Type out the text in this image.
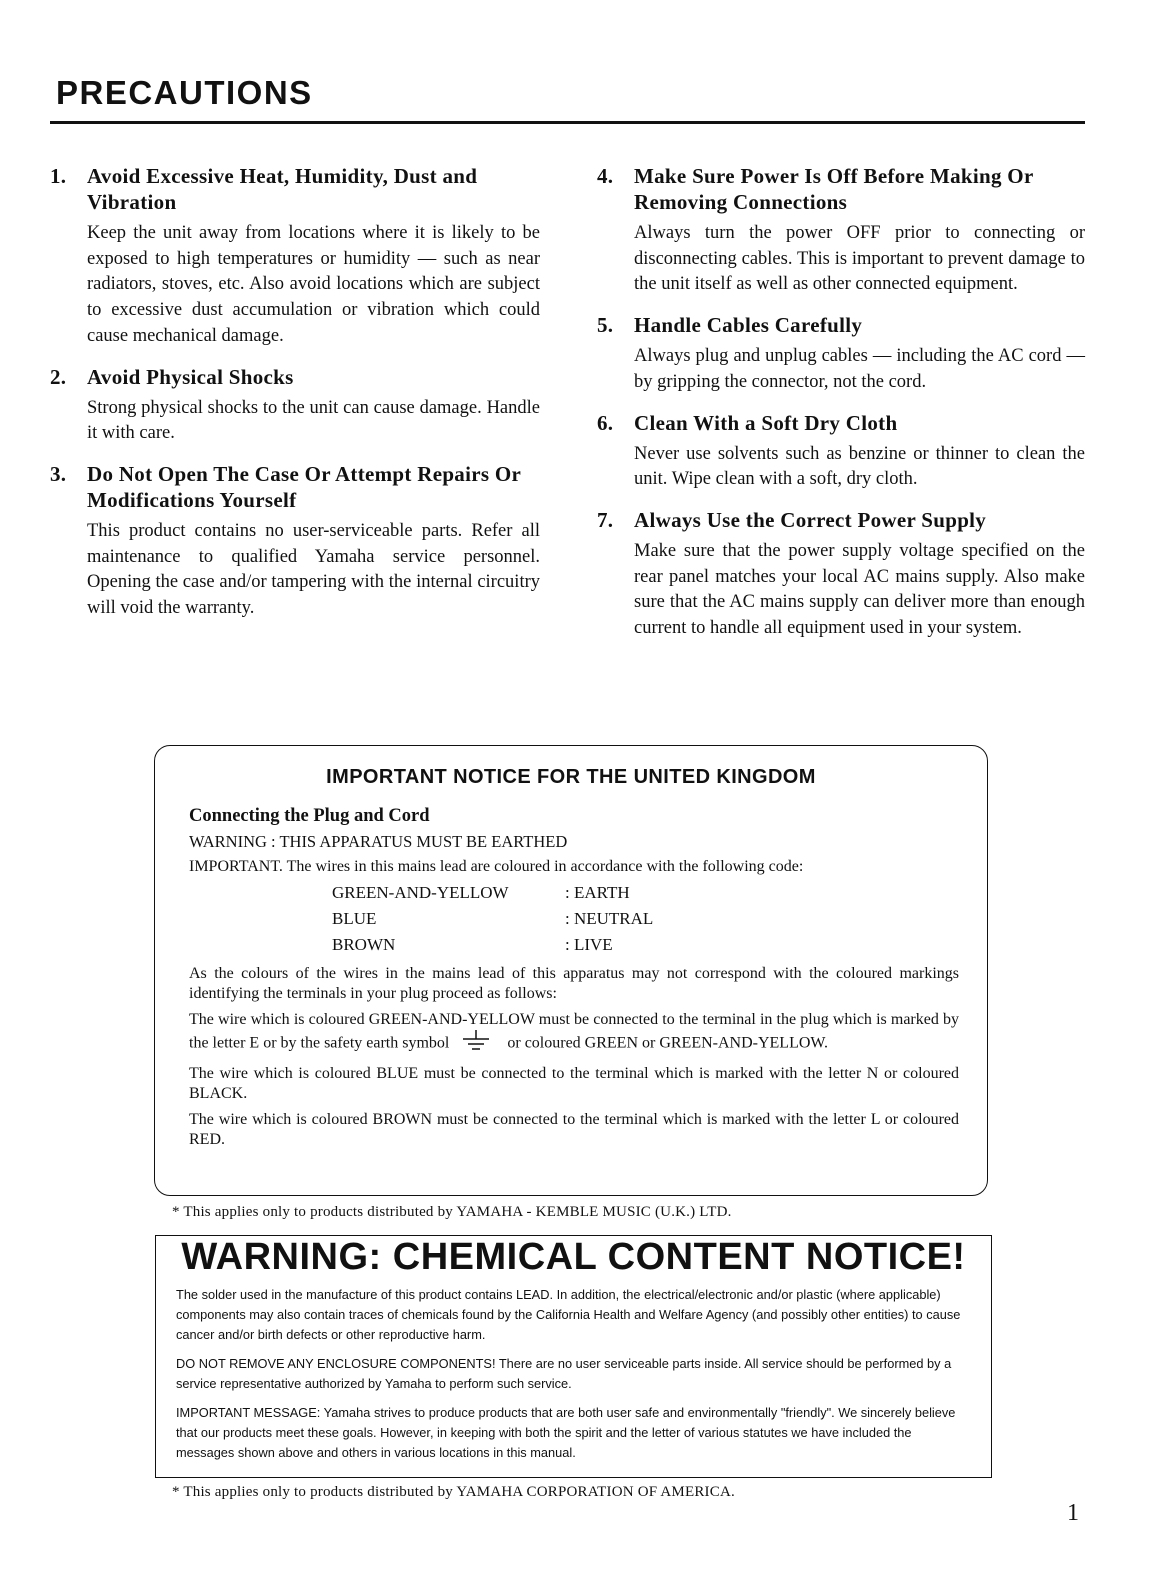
PRECAUTIONS
1. Avoid Excessive Heat, Humidity, Dust and Vibration
Keep the unit away from locations where it is likely to be exposed to high temperatures or humidity — such as near radiators, stoves, etc. Also avoid locations which are subject to excessive dust accumulation or vibration which could cause mechanical damage.
2. Avoid Physical Shocks
Strong physical shocks to the unit can cause damage. Handle it with care.
3. Do Not Open The Case Or Attempt Repairs Or Modifications Yourself
This product contains no user-serviceable parts. Refer all maintenance to qualified Yamaha service personnel. Opening the case and/or tampering with the internal circuitry will void the warranty.
4. Make Sure Power Is Off Before Making Or Removing Connections
Always turn the power OFF prior to connecting or disconnecting cables. This is important to prevent damage to the unit itself as well as other connected equipment.
5. Handle Cables Carefully
Always plug and unplug cables — including the AC cord — by gripping the connector, not the cord.
6. Clean With a Soft Dry Cloth
Never use solvents such as benzine or thinner to clean the unit. Wipe clean with a soft, dry cloth.
7. Always Use the Correct Power Supply
Make sure that the power supply voltage specified on the rear panel matches your local AC mains supply. Also make sure that the AC mains supply can deliver more than enough current to handle all equipment used in your system.
IMPORTANT NOTICE FOR THE UNITED KINGDOM
Connecting the Plug and Cord
WARNING : THIS APPARATUS MUST BE EARTHED
IMPORTANT. The wires in this mains lead are coloured in accordance with the following code:
GREEN-AND-YELLOW	: EARTH
BLUE	: NEUTRAL
BROWN	: LIVE
As the colours of the wires in the mains lead of this apparatus may not correspond with the coloured markings identifying the terminals in your plug proceed as follows:
The wire which is coloured GREEN-AND-YELLOW must be connected to the terminal in the plug which is marked by the letter E or by the safety earth symbol	or coloured GREEN or GREEN-AND-YELLOW.
The wire which is coloured BLUE must be connected to the terminal which is marked with the letter N or coloured BLACK.
The wire which is coloured BROWN must be connected to the terminal which is marked with the letter L or coloured RED.
* This applies only to products distributed by YAMAHA - KEMBLE MUSIC (U.K.) LTD.
WARNING: CHEMICAL CONTENT NOTICE!
The solder used in the manufacture of this product contains LEAD. In addition, the electrical/electronic and/or plastic (where applicable) components may also contain traces of chemicals found by the California Health and Welfare Agency (and possibly other entities) to cause cancer and/or birth defects or other reproductive harm.
DO NOT REMOVE ANY ENCLOSURE COMPONENTS! There are no user serviceable parts inside. All service should be performed by a service representative authorized by Yamaha to perform such service.
IMPORTANT MESSAGE: Yamaha strives to produce products that are both user safe and environmentally "friendly". We sincerely believe that our products meet these goals. However, in keeping with both the spirit and the letter of various statutes we have included the messages shown above and others in various locations in this manual.
* This applies only to products distributed by YAMAHA CORPORATION OF AMERICA.
1
